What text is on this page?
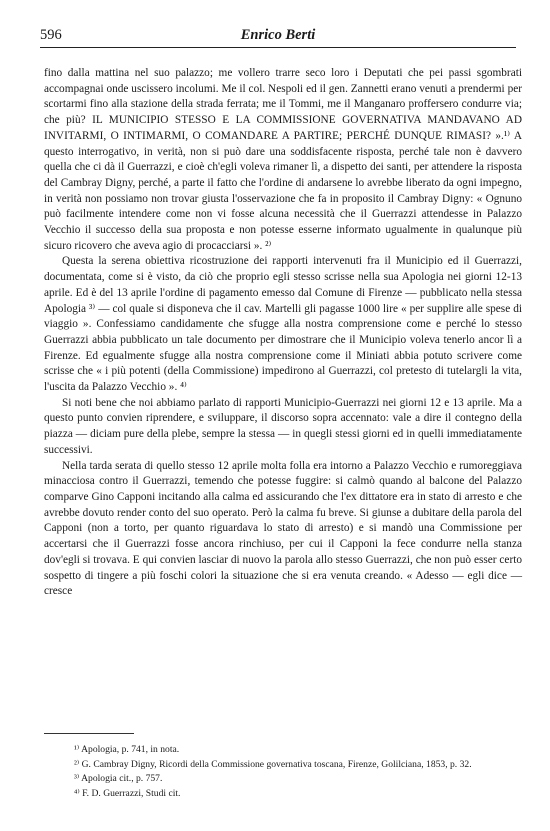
596	Enrico Berti

fino dalla mattina nel suo palazzo; me vollero trarre seco loro i Deputati che pei passi sgombrati accompagnai onde uscissero incolumi. Me il col. Nespoli ed il gen. Zannetti erano venuti a prendermi per scortarmi fino alla stazione della strada ferrata; me il Tommi, me il Manganaro proffersero condurre via; che più? IL MUNICIPIO STESSO E LA COMMISSIONE GOVERNATIVA MANDAVANO AD INVITARMI, O INTIMARMI, O COMANDARE A PARTIRE; PERCHÉ DUNQUE RIMASI? ».¹⁾ A questo interrogativo, in verità, non si può dare una soddisfacente risposta, perché tale non è davvero quella che ci dà il Guerrazzi, e cioè ch'egli voleva rimaner lì, a dispetto dei santi, per attendere la risposta del Cambray Digny, perché, a parte il fatto che l'ordine di andarsene lo avrebbe liberato da ogni impegno, in verità non possiamo non trovar giusta l'osservazione che fa in proposito il Cambray Digny: « Ognuno può facilmente intendere come non vi fosse alcuna necessità che il Guerrazzi attendesse in Palazzo Vecchio il successo della sua proposta e non potesse esserne informato ugualmente in qualunque più sicuro ricovero che aveva agio di procacciarsi ». ²⁾

Questa la serena obiettiva ricostruzione dei rapporti intervenuti fra il Municipio ed il Guerrazzi, documentata, come si è visto, da ciò che proprio egli stesso scrisse nella sua Apologia nei giorni 12-13 aprile. Ed è del 13 aprile l'ordine di pagamento emesso dal Comune di Firenze — pubblicato nella stessa Apologia ³⁾ — col quale si disponeva che il cav. Martelli gli pagasse 1000 lire « per supplire alle spese di viaggio ». Confessiamo candidamente che sfugge alla nostra comprensione come e perché lo stesso Guerrazzi abbia pubblicato un tale documento per dimostrare che il Municipio voleva tenerlo ancor lì a Firenze. Ed egualmente sfugge alla nostra comprensione come il Miniati abbia potuto scrivere come scrisse che « i più potenti (della Commissione) impedirono al Guerrazzi, col pretesto di tutelargli la vita, l'uscita da Palazzo Vecchio ». ⁴⁾

Si noti bene che noi abbiamo parlato di rapporti Municipio-Guerrazzi nei giorni 12 e 13 aprile. Ma a questo punto convien riprendere, e sviluppare, il discorso sopra accennato: vale a dire il contegno della piazza — diciam pure della plebe, sempre la stessa — in quegli stessi giorni ed in quelli immediatamente successivi.

Nella tarda serata di quello stesso 12 aprile molta folla era intorno a Palazzo Vecchio e rumoreggiava minacciosa contro il Guerrazzi, temendo che potesse fuggire: si calmò quando al balcone del Palazzo comparve Gino Capponi incitando alla calma ed assicurando che l'ex dittatore era in stato di arresto e che avrebbe dovuto render conto del suo operato. Però la calma fu breve. Si giunse a dubitare della parola del Capponi (non a torto, per quanto riguardava lo stato di arresto) e si mandò una Commissione per accertarsi che il Guerrazzi fosse ancora rinchiuso, per cui il Capponi la fece condurre nella stanza dov'egli si trovava. E qui convien lasciar di nuovo la parola allo stesso Guerrazzi, che non può esser certo sospetto di tingere a più foschi colori la situazione che si era venuta creando. « Adesso — egli dice — cresce

¹⁾ Apologia, p. 741, in nota.

²⁾ G. Cambray Digny, Ricordi della Commissione governativa toscana, Firenze, Golilciana, 1853, p. 32.

³⁾ Apologia cit., p. 757.

⁴⁾ F. D. Guerrazzi, Studi cit.
